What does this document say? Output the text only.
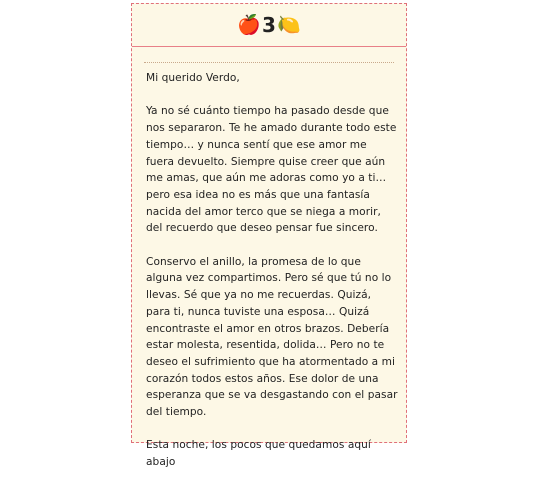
🍎 3 🍋

Mi querido Verdo,

Ya no sé cuánto tiempo ha pasado desde que nos separaron. Te he amado durante todo este tiempo… y nunca sentí que ese amor me fuera devuelto. Siempre quise creer que aún me amas, que aún me adoras como yo a ti… pero esa idea no es más que una fantasía nacida del amor terco que se niega a morir, del recuerdo que deseo pensar fue sincero.

Conservo el anillo, la promesa de lo que alguna vez compartimos. Pero sé que tú no lo llevas. Sé que ya no me recuerdas. Quizá, para ti, nunca tuviste una esposa… Quizá encontraste el amor en otros brazos. Debería estar molesta, resentida, dolida… Pero no te deseo el sufrimiento que ha atormentado a mi corazón todos estos años. Ese dolor de una esperanza que se va desgastando con el pasar del tiempo.

Esta noche, los pocos que quedamos aquí abajo
